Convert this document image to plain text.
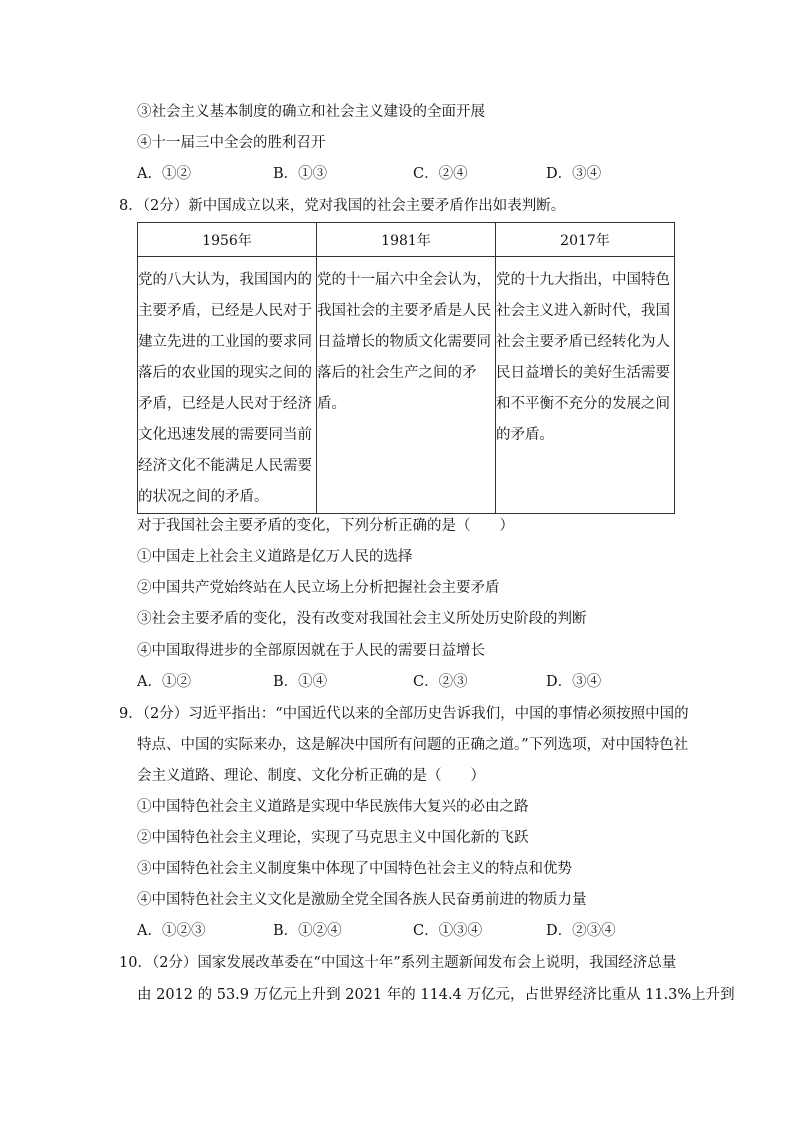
③社会主义基本制度的确立和社会主义建设的全面开展
④十一届三中全会的胜利召开
A．①②	B．①③	C．②④	D．③④
8．（2分）新中国成立以来，党对我国的社会主要矛盾作出如表判断。
1956年	1981年	2017年

党的八大认为，我国国内的主要矛盾，已经是人民对于建立先进的工业国的要求同落后的农业国的现实之间的矛盾，已经是人民对于经济文化迅速发展的需要同当前经济文化不能满足人民需要的状况之间的矛盾。	党的十一届六中全会认为，我国社会的主要矛盾是人民日益增长的物质文化需要同落后的社会生产之间的矛盾。	党的十九大指出，中国特色社会主义进入新时代，我国社会主要矛盾已经转化为人民日益增长的美好生活需要和不平衡不充分的发展之间的矛盾。
对于我国社会主要矛盾的变化，下列分析正确的是（　　）
①中国走上社会主义道路是亿万人民的选择
②中国共产党始终站在人民立场上分析把握社会主要矛盾
③社会主要矛盾的变化，没有改变对我国社会主义所处历史阶段的判断
④中国取得进步的全部原因就在于人民的需要日益增长
A．①②	B．①④	C．②③	D．③④
9．（2分）习近平指出：“中国近代以来的全部历史告诉我们，中国的事情必须按照中国的
特点、中国的实际来办，这是解决中国所有问题的正确之道。”下列选项，对中国特色社
会主义道路、理论、制度、文化分析正确的是（　　）
①中国特色社会主义道路是实现中华民族伟大复兴的必由之路
②中国特色社会主义理论，实现了马克思主义中国化新的飞跃
③中国特色社会主义制度集中体现了中国特色社会主义的特点和优势
④中国特色社会主义文化是激励全党全国各族人民奋勇前进的物质力量
A．①②③	B．①②④	C．①③④	D．②③④
10．（2分）国家发展改革委在“中国这十年”系列主题新闻发布会上说明，我国经济总量
由 2012 的 53.9 万亿元上升到 2021 年的 114.4 万亿元，占世界经济比重从 11.3%上升到
